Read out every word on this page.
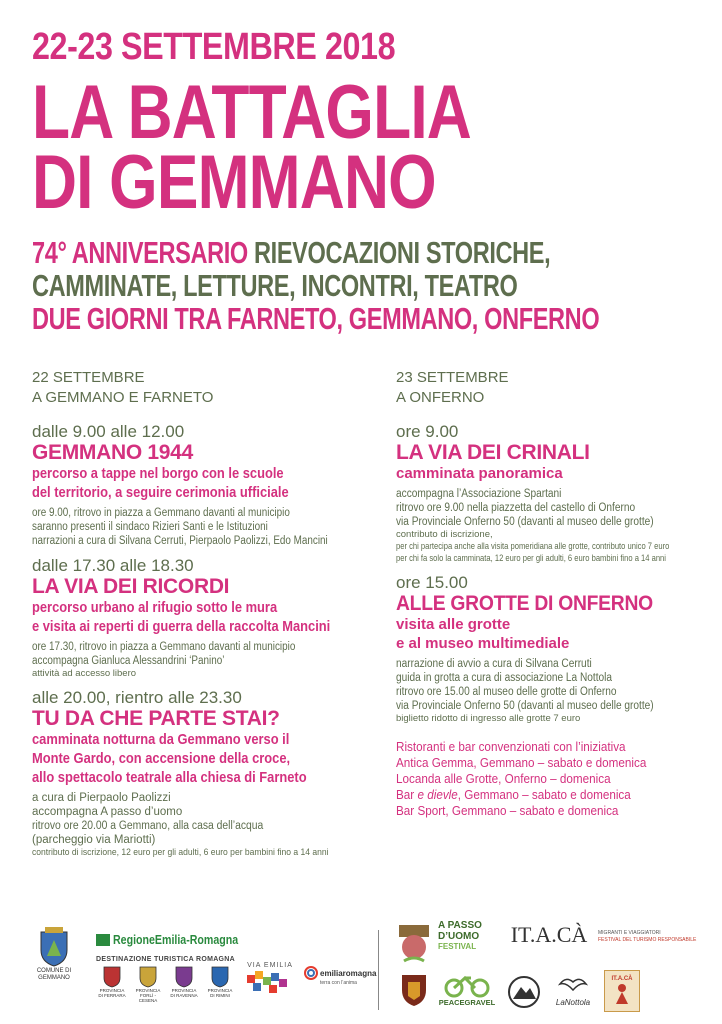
22-23 SETTEMBRE 2018
LA BATTAGLIA
DI GEMMANO
74° ANNIVERSARIO RIEVOCAZIONI STORICHE,
CAMMINATE, LETTURE, INCONTRI, TEATRO
DUE GIORNI TRA FARNETO, GEMMANO, ONFERNO
22 SETTEMBRE
A GEMMANO E FARNETO
dalle 9.00 alle 12.00
GEMMANO 1944
percorso a tappe nel borgo con le scuole
del territorio, a seguire cerimonia ufficiale
ore 9.00, ritrovo in piazza a Gemmano davanti al municipio
saranno presenti il sindaco Rizieri Santi e le Istituzioni
narrazioni a cura di Silvana Cerruti, Pierpaolo Paolizzi, Edo Mancini
dalle 17.30 alle 18.30
LA VIA DEI RICORDI
percorso urbano al rifugio sotto le mura
e visita ai reperti di guerra della raccolta Mancini
ore 17.30, ritrovo in piazza a Gemmano davanti al municipio
accompagna Gianluca Alessandrini ‘Panino’
attività ad accesso libero
alle 20.00, rientro alle 23.30
TU DA CHE PARTE STAI?
camminata notturna da Gemmano verso il
Monte Gardo, con accensione della croce,
allo spettacolo teatrale alla chiesa di Farneto
a cura di Pierpaolo Paolizzi
accompagna A passo d’uomo
ritrovo ore 20.00 a Gemmano, alla casa dell’acqua
(parcheggio via Mariotti)
contributo di iscrizione, 12 euro per gli adulti, 6 euro per bambini fino a 14 anni
23 SETTEMBRE
A ONFERNO
ore 9.00
LA VIA DEI CRINALI
camminata panoramica
accompagna l’Associazione Spartani
ritrovo ore 9.00 nella piazzetta del castello di Onferno
via Provinciale Onferno 50 (davanti al museo delle grotte)
contributo di iscrizione,
per chi partecipa anche alla visita pomeridiana alle grotte, contributo unico 7 euro
per chi fa solo la camminata, 12 euro per gli adulti, 6 euro bambini fino a 14 anni
ore 15.00
ALLE GROTTE DI ONFERNO
visita alle grotte
e al museo multimediale
narrazione di avvio a cura di Silvana Cerruti
guida in grotta a cura di associazione La Nottola
ritrovo ore 15.00 al museo delle grotte di Onferno
via Provinciale Onferno 50 (davanti al museo delle grotte)
biglietto ridotto di ingresso alle grotte 7 euro
Ristoranti e bar convenzionati con l’iniziativa
Antica Gemma, Gemmano – sabato e domenica
Locanda alle Grotte, Onferno – domenica
Bar e dievle, Gemmano – sabato e domenica
Bar Sport, Gemmano – sabato e domenica
COMUNE DI GEMMANO
RegioneEmilia-Romagna
DESTINAZIONE TURISTICA ROMAGNA
PROVINCIA DI FERRARA
PROVINCIA FORLÌ - CESENA
PROVINCIA DI RAVENNA
PROVINCIA DI RIMINI
VIA EMILIA
emiliaromagna
terra con l’anima
A PASSO
D’UOMO
FESTIVAL IT.A.CÀ MIGRANTI E VIAGGIATORI
FESTIVAL DEL TURISMO RESPONSABILE
PEACEGRAVEL	LaNottola
IT.A.CÀ
